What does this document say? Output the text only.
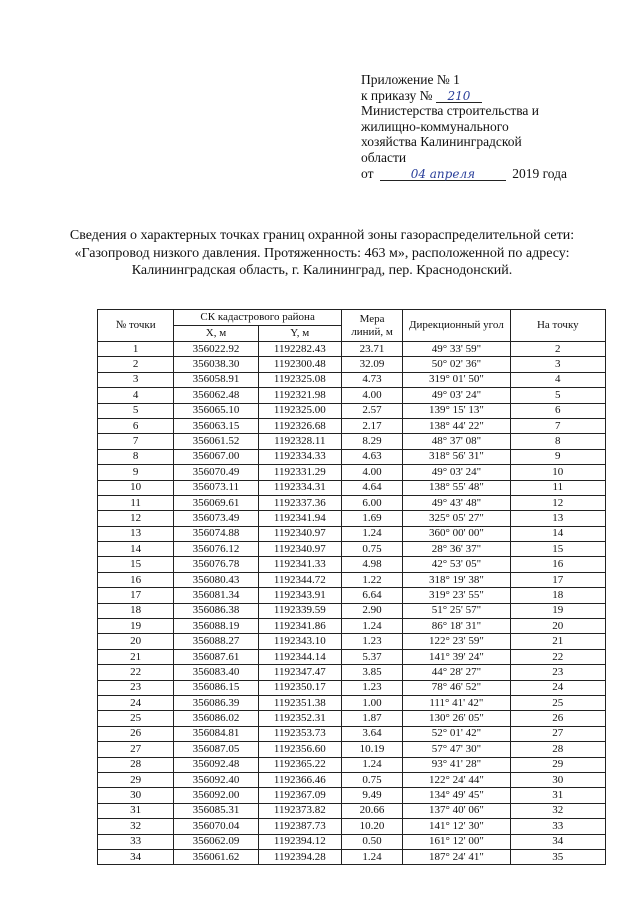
Приложение № 1
к приказу № 210
Министерства строительства и
жилищно-коммунального
хозяйства Калининградской
области
от	04 апреля	2019 года
Сведения о характерных точках границ охранной зоны газораспределительной сети: «Газопровод низкого давления. Протяженность: 463 м», расположенной по адресу: Калининградская область, г. Калининград, пер. Краснодонский.
№ точки	СК кадастрового района		Мера линий, м	Дирекционный угол	На точку
	X, м	Y, м			
1	356022.92	1192282.43	23.71	49° 33' 59"	2
2	356038.30	1192300.48	32.09	50° 02' 36"	3
3	356058.91	1192325.08	4.73	319° 01' 50"	4
4	356062.48	1192321.98	4.00	49° 03' 24"	5
5	356065.10	1192325.00	2.57	139° 15' 13"	6
6	356063.15	1192326.68	2.17	138° 44' 22"	7
7	356061.52	1192328.11	8.29	48° 37' 08"	8
8	356067.00	1192334.33	4.63	318° 56' 31"	9
9	356070.49	1192331.29	4.00	49° 03' 24"	10
10	356073.11	1192334.31	4.64	138° 55' 48"	11
11	356069.61	1192337.36	6.00	49° 43' 48"	12
12	356073.49	1192341.94	1.69	325° 05' 27"	13
13	356074.88	1192340.97	1.24	360° 00' 00"	14
14	356076.12	1192340.97	0.75	28° 36' 37"	15
15	356076.78	1192341.33	4.98	42° 53' 05"	16
16	356080.43	1192344.72	1.22	318° 19' 38"	17
17	356081.34	1192343.91	6.64	319° 23' 55"	18
18	356086.38	1192339.59	2.90	51° 25' 57"	19
19	356088.19	1192341.86	1.24	86° 18' 31"	20
20	356088.27	1192343.10	1.23	122° 23' 59"	21
21	356087.61	1192344.14	5.37	141° 39' 24"	22
22	356083.40	1192347.47	3.85	44° 28' 27"	23
23	356086.15	1192350.17	1.23	78° 46' 52"	24
24	356086.39	1192351.38	1.00	111° 41' 42"	25
25	356086.02	1192352.31	1.87	130° 26' 05"	26
26	356084.81	1192353.73	3.64	52° 01' 42"	27
27	356087.05	1192356.60	10.19	57° 47' 30"	28
28	356092.48	1192365.22	1.24	93° 41' 28"	29
29	356092.40	1192366.46	0.75	122° 24' 44"	30
30	356092.00	1192367.09	9.49	134° 49' 45"	31
31	356085.31	1192373.82	20.66	137° 40' 06"	32
32	356070.04	1192387.73	10.20	141° 12' 30"	33
33	356062.09	1192394.12	0.50	161° 12' 00"	34
34	356061.62	1192394.28	1.24	187° 24' 41"	35
